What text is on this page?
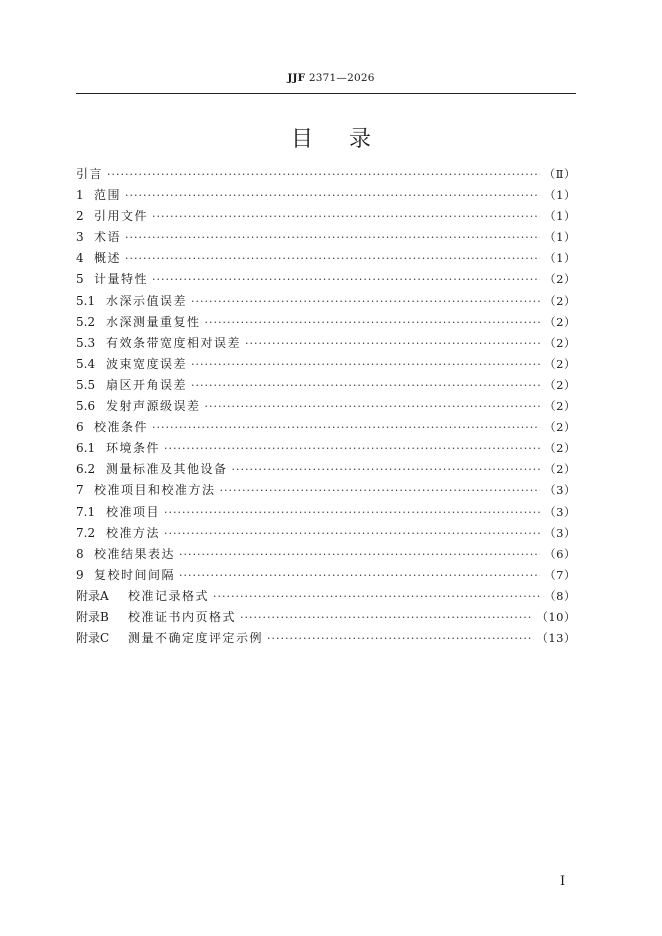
JJF 2371—2026
目录
引言 ·····	（Ⅱ）
1 范围 ·····	（1）
2 引用文件 ·····	（1）
3 术语 ·····	（1）
4 概述 ·····	（1）
5 计量特性 ·····	（2）
5.1 水深示值误差 ·····	（2）
5.2 水深测量重复性 ·····	（2）
5.3 有效条带宽度相对误差 ·····	（2）
5.4 波束宽度误差 ·····	（2）
5.5 扇区开角误差 ·····	（2）
5.6 发射声源级误差 ·····	（2）
6 校准条件 ·····	（2）
6.1 环境条件 ·····	（2）
6.2 测量标准及其他设备 ·····	（2）
7 校准项目和校准方法 ·····	（3）
7.1 校准项目 ·····	（3）
7.2 校准方法 ·····	（3）
8 校准结果表达 ·····	（6）
9 复校时间间隔 ·····	（7）
附录A	校准记录格式 ·····	（8）
附录B	校准证书内页格式 ·····	（10）
附录C	测量不确定度评定示例 ·····	（13）
I
